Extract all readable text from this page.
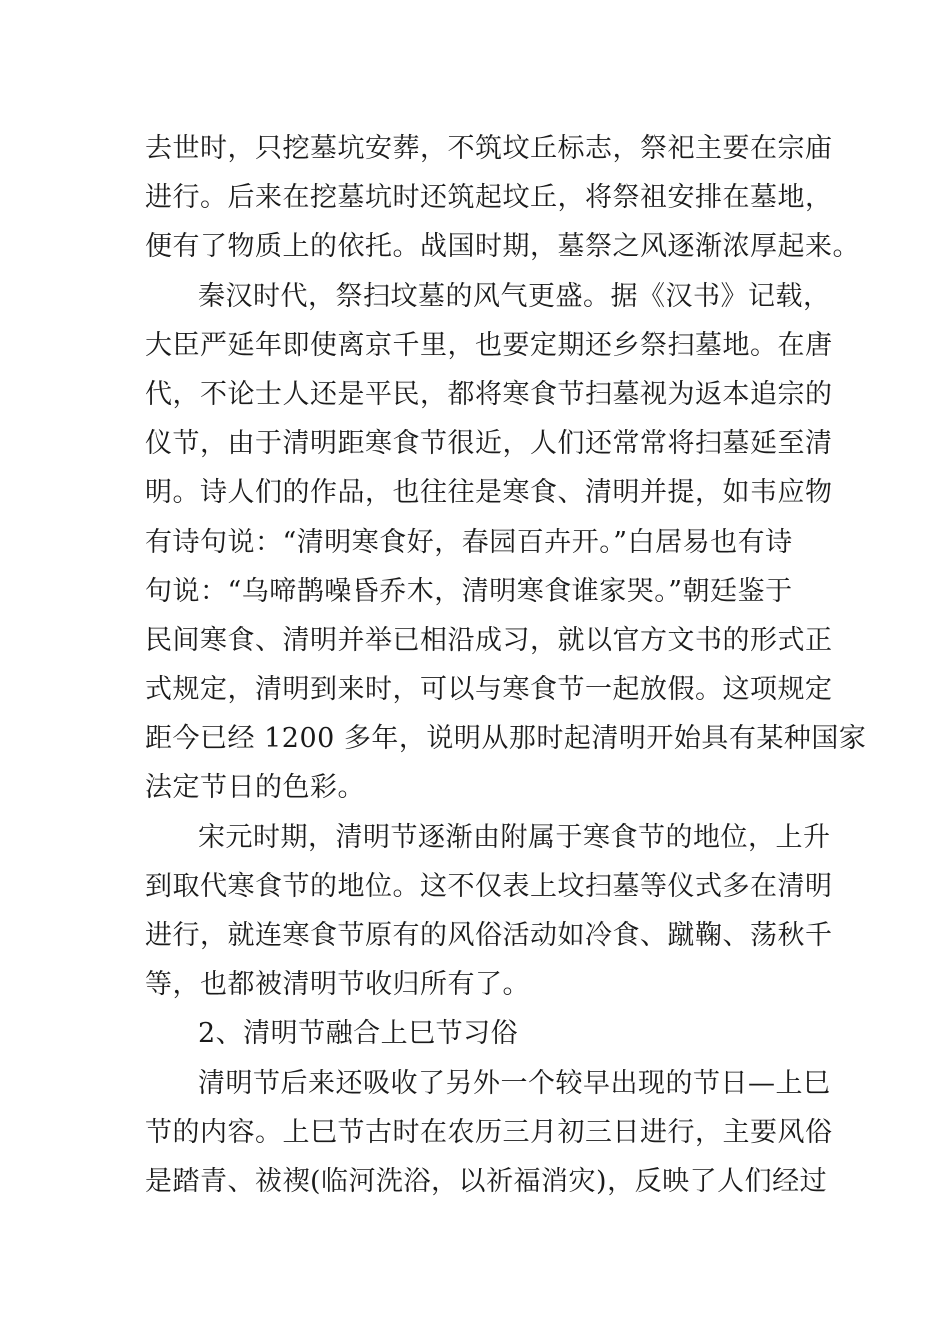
去世时，只挖墓坑安葬，不筑坟丘标志，祭祀主要在宗庙
进行。后来在挖墓坑时还筑起坟丘，将祭祖安排在墓地，
便有了物质上的依托。战国时期，墓祭之风逐渐浓厚起来。
秦汉时代，祭扫坟墓的风气更盛。据《汉书》记载，
大臣严延年即使离京千里，也要定期还乡祭扫墓地。在唐
代，不论士人还是平民，都将寒食节扫墓视为返本追宗的
仪节，由于清明距寒食节很近，人们还常常将扫墓延至清
明。诗人们的作品，也往往是寒食、清明并提，如韦应物
有诗句说：“清明寒食好，春园百卉开。”白居易也有诗
句说：“乌啼鹊噪昏乔木，清明寒食谁家哭。”朝廷鉴于
民间寒食、清明并举已相沿成习，就以官方文书的形式正
式规定，清明到来时，可以与寒食节一起放假。这项规定
距今已经 1200 多年，说明从那时起清明开始具有某种国家
法定节日的色彩。
宋元时期，清明节逐渐由附属于寒食节的地位，上升
到取代寒食节的地位。这不仅表上坟扫墓等仪式多在清明
进行，就连寒食节原有的风俗活动如冷食、蹴鞠、荡秋千
等，也都被清明节收归所有了。
2、清明节融合上巳节习俗
清明节后来还吸收了另外一个较早出现的节日—上巳
节的内容。上巳节古时在农历三月初三日进行，主要风俗
是踏青、祓禊(临河洗浴，以祈福消灾)，反映了人们经过
